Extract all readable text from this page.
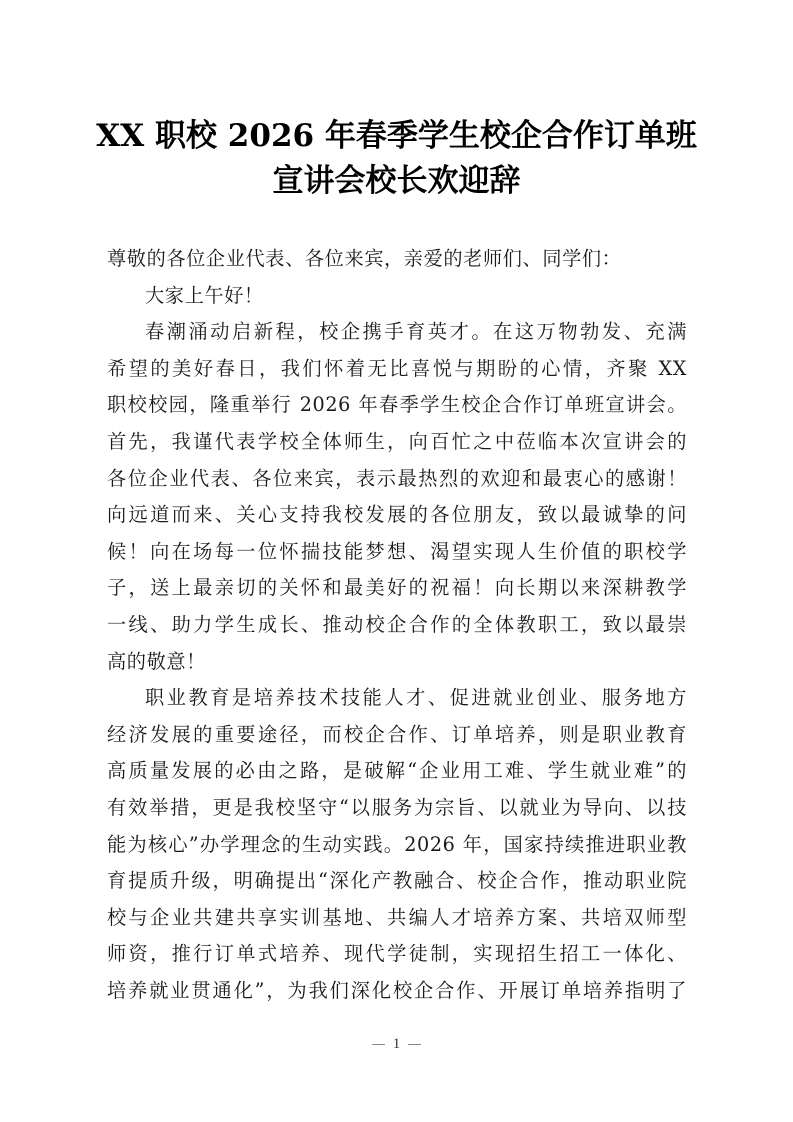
XX 职校 2026 年春季学生校企合作订单班
宣讲会校长欢迎辞
尊敬的各位企业代表、各位来宾，亲爱的老师们、同学们：
大家上午好！
春潮涌动启新程，校企携手育英才。在这万物勃发、充满
希望的美好春日，我们怀着无比喜悦与期盼的心情，齐聚 XX
职校校园，隆重举行 2026 年春季学生校企合作订单班宣讲会。
首先，我谨代表学校全体师生，向百忙之中莅临本次宣讲会的
各位企业代表、各位来宾，表示最热烈的欢迎和最衷心的感谢！
向远道而来、关心支持我校发展的各位朋友，致以最诚挚的问
候！向在场每一位怀揣技能梦想、渴望实现人生价值的职校学
子，送上最亲切的关怀和最美好的祝福！向长期以来深耕教学
一线、助力学生成长、推动校企合作的全体教职工，致以最崇
高的敬意！
职业教育是培养技术技能人才、促进就业创业、服务地方
经济发展的重要途径，而校企合作、订单培养，则是职业教育
高质量发展的必由之路，是破解“企业用工难、学生就业难”的
有效举措，更是我校坚守“以服务为宗旨、以就业为导向、以技
能为核心”办学理念的生动实践。2026 年，国家持续推进职业教
育提质升级，明确提出“深化产教融合、校企合作，推动职业院
校与企业共建共享实训基地、共编人才培养方案、共培双师型
师资，推行订单式培养、现代学徒制，实现招生招工一体化、
培养就业贯通化”，为我们深化校企合作、开展订单培养指明了
1
